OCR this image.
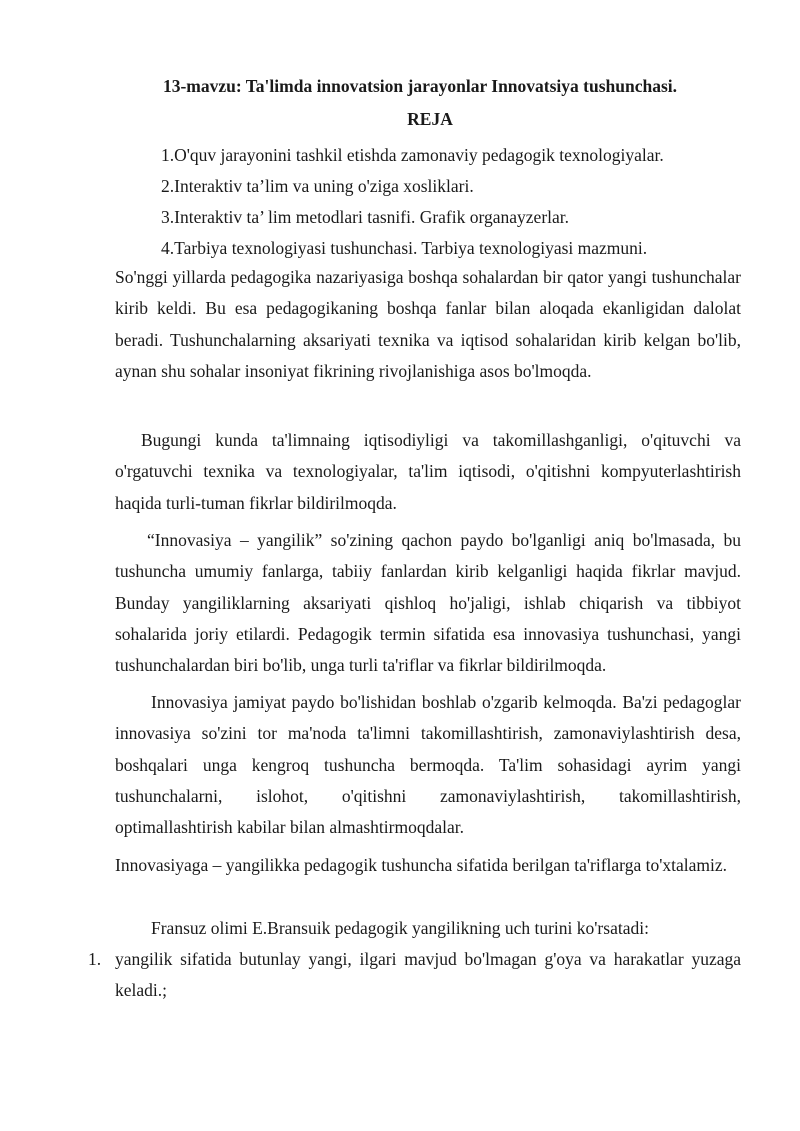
13-mavzu: Ta'limda innovatsion jarayonlar Innovatsiya tushunchasi.
REJA
1.O'quv jarayonini tashkil etishda zamonaviy pedagogik texnologiyalar.
2.Interaktiv ta’lim va uning o'ziga xosliklari.
3.Interaktiv ta’ lim metodlari tasnifi. Grafik organayzerlar.
4.Tarbiya texnologiyasi tushunchasi. Tarbiya texnologiyasi mazmuni.

So'nggi yillarda pedagogika nazariyasiga boshqa sohalardan bir qator yangi tushunchalar kirib keldi. Bu esa pedagogikaning boshqa fanlar bilan aloqada ekanligidan dalolat beradi. Tushunchalarning aksariyati texnika va iqtisod sohalaridan kirib kelgan bo'lib, aynan shu sohalar insoniyat fikrining rivojlanishiga asos bo'lmoqda.

Bugungi kunda ta'limnaing iqtisodiyligi va takomillashganligi, o'qituvchi va o'rgatuvchi texnika va texnologiyalar, ta'lim iqtisodi, o'qitishni kompyuterlashtirish haqida turli-tuman fikrlar bildirilmoqda.

“Innovasiya – yangilik” so'zining qachon paydo bo'lganligi aniq bo'lmasada, bu tushuncha umumiy fanlarga, tabiiy fanlardan kirib kelganligi haqida fikrlar mavjud. Bunday yangiliklarning aksariyati qishloq ho'jaligi, ishlab chiqarish va tibbiyot sohalarida joriy etilardi. Pedagogik termin sifatida esa innovasiya tushunchasi, yangi tushunchalardan biri bo'lib, unga turli ta'riflar va fikrlar bildirilmoqda.

Innovasiya jamiyat paydo bo'lishidan boshlab o'zgarib kelmoqda. Ba'zi pedagoglar innovasiya so'zini tor ma'noda ta'limni takomillashtirish, zamonaviylashtirish desa, boshqalari unga kengroq tushuncha bermoqda. Ta'lim sohasidagi ayrim yangi tushunchalarni, islohot, o'qitishni zamonaviylashtirish, takomillashtirish, optimallashtirish kabilar bilan almashtirmoqdalar.

Innovasiyaga – yangilikka pedagogik tushuncha sifatida berilgan ta'riflarga to'xtalamiz.

Fransuz olimi E.Bransuik pedagogik yangilikning uch turini ko'rsatadi:

1. yangilik sifatida butunlay yangi, ilgari mavjud bo'lmagan g'oya va harakatlar yuzaga keladi.;
